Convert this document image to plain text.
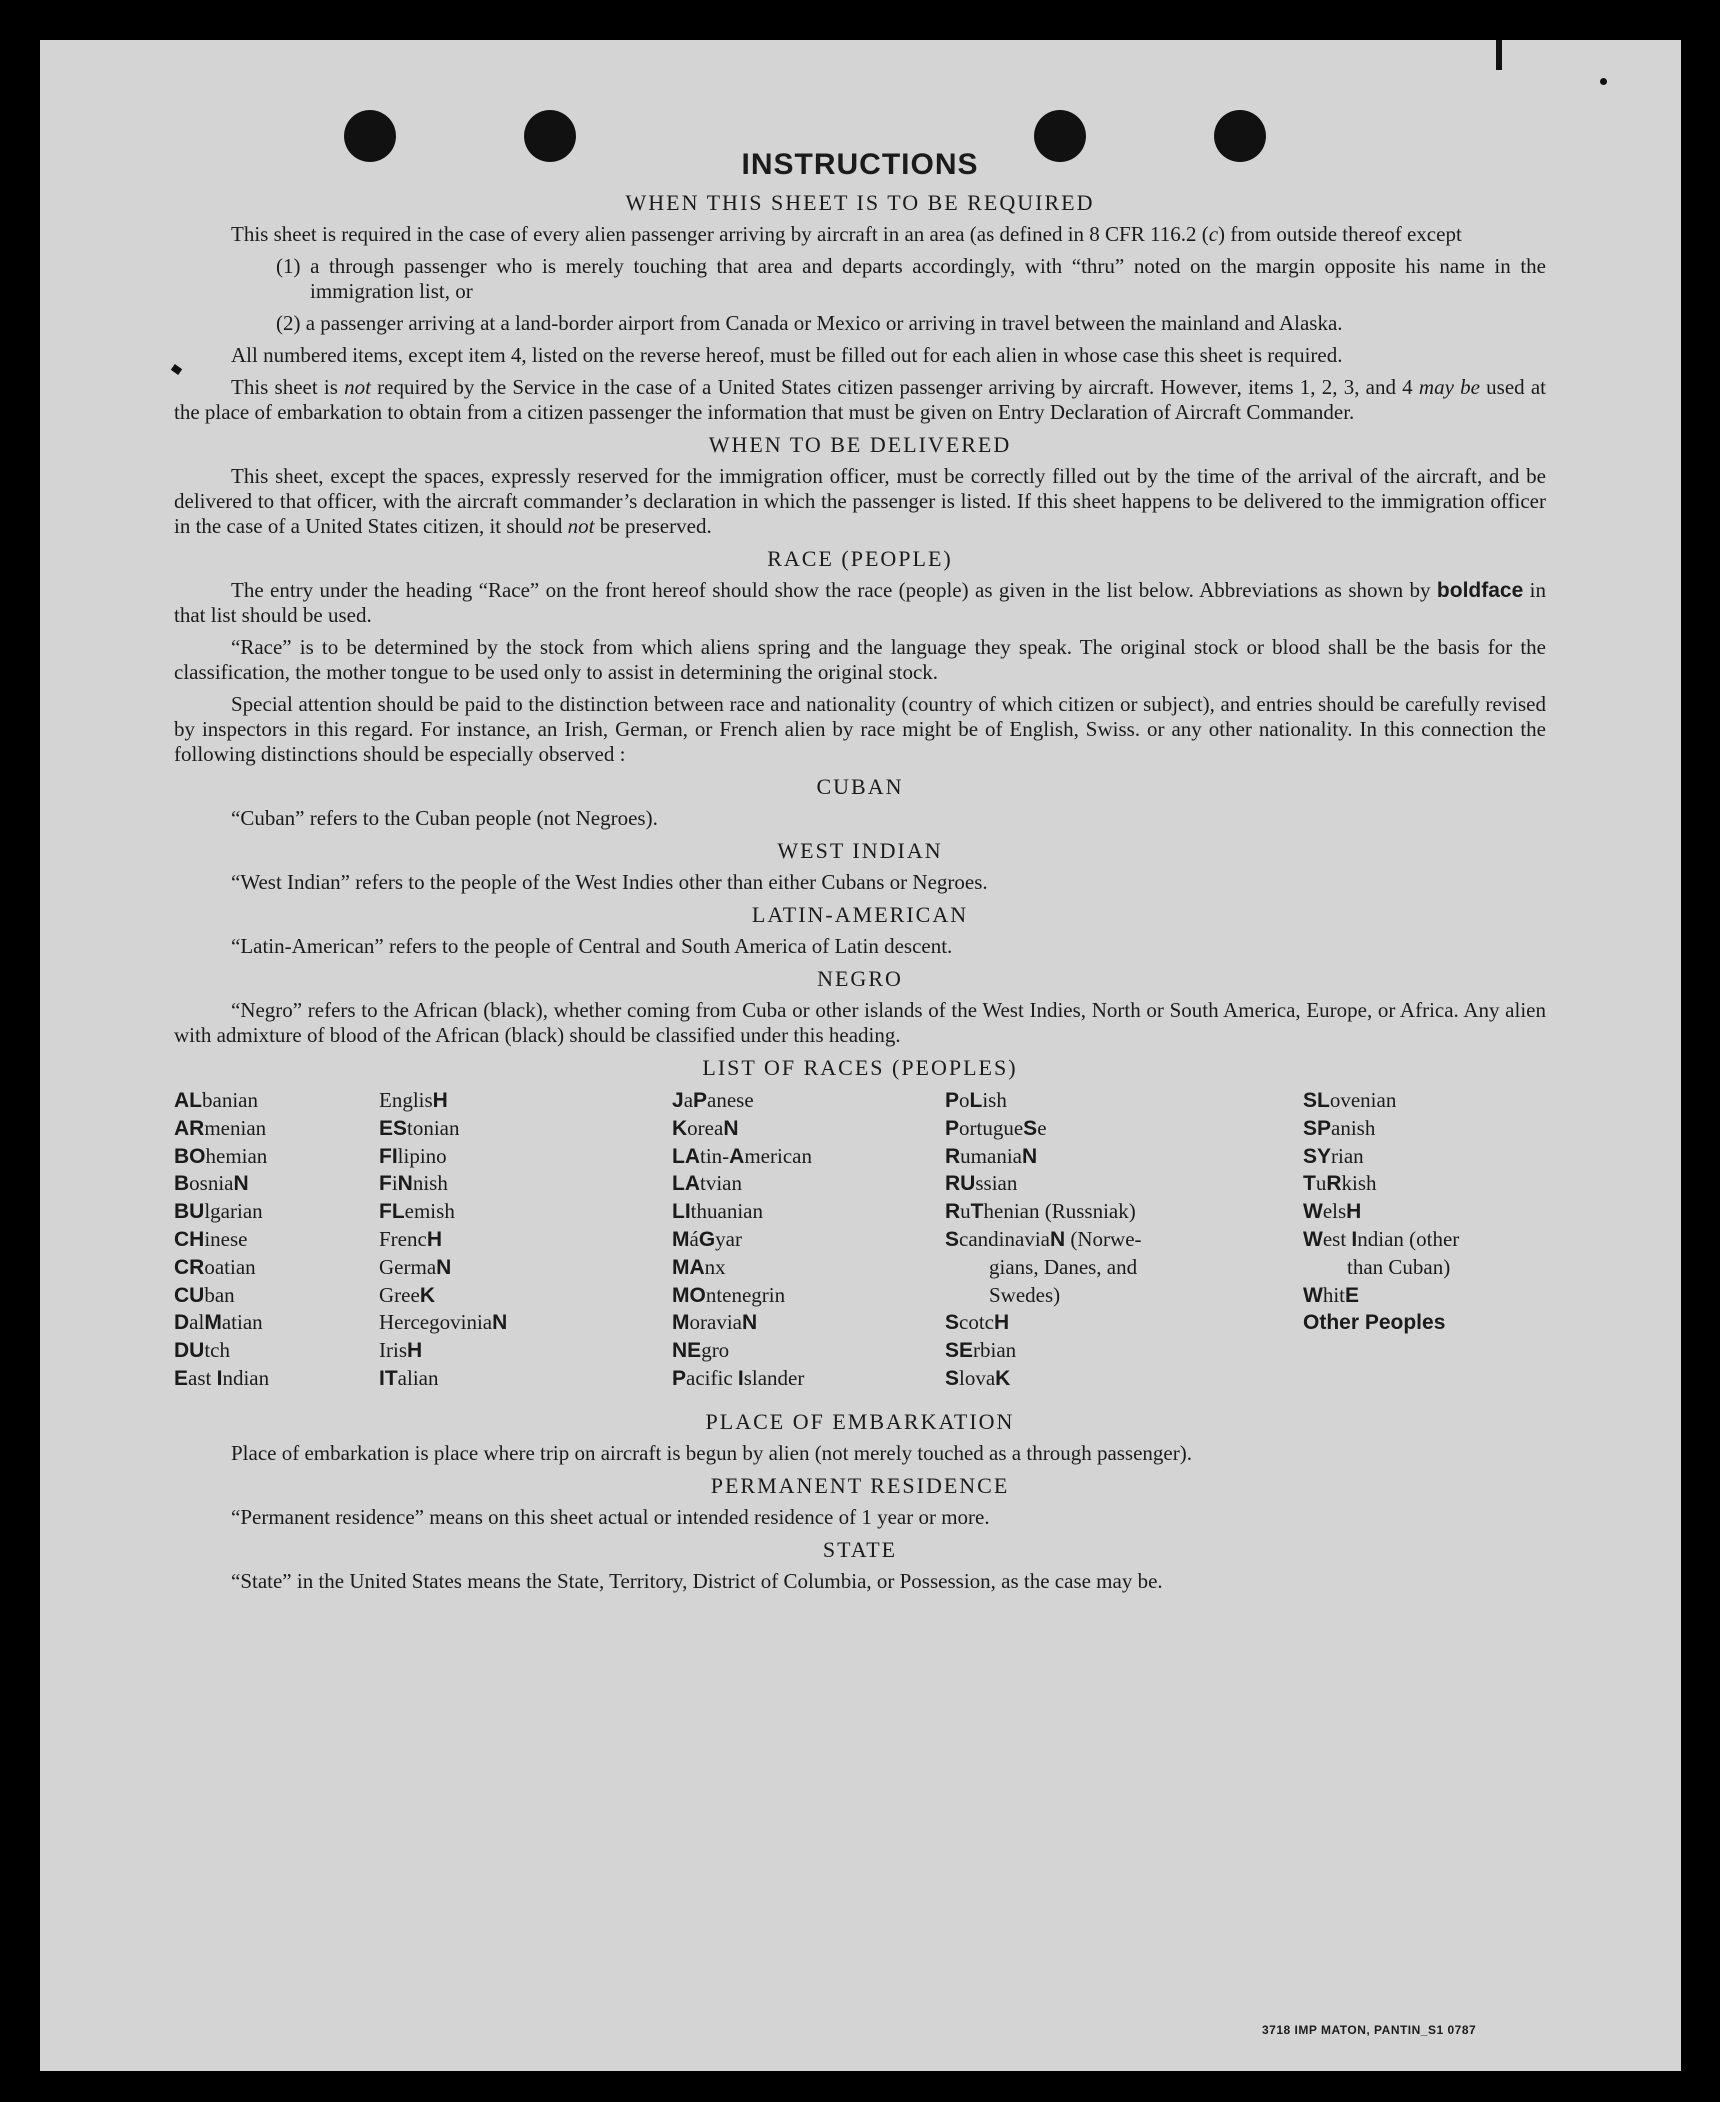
INSTRUCTIONS
WHEN THIS SHEET IS TO BE REQUIRED

This sheet is required in the case of every alien passenger arriving by aircraft in an area (as defined in 8 CFR 116.2 (c) from outside thereof except

(1) a through passenger who is merely touching that area and departs accordingly, with “thru” noted on the margin opposite his name in the immigration list, or

(2) a passenger arriving at a land-border airport from Canada or Mexico or arriving in travel between the mainland and Alaska.

All numbered items, except item 4, listed on the reverse hereof, must be filled out for each alien in whose case this sheet is required.

This sheet is not required by the Service in the case of a United States citizen passenger arriving by aircraft. However, items 1, 2, 3, and 4 may be used at the place of embarkation to obtain from a citizen passenger the information that must be given on Entry Declaration of Aircraft Commander.

WHEN TO BE DELIVERED

This sheet, except the spaces, expressly reserved for the immigration officer, must be correctly filled out by the time of the arrival of the aircraft, and be delivered to that officer, with the aircraft commander’s declaration in which the passenger is listed. If this sheet happens to be delivered to the immigration officer in the case of a United States citizen, it should not be preserved.

RACE (PEOPLE)

The entry under the heading “Race” on the front hereof should show the race (people) as given in the list below. Abbreviations as shown by boldface in that list should be used.

“Race” is to be determined by the stock from which aliens spring and the language they speak. The original stock or blood shall be the basis for the classification, the mother tongue to be used only to assist in determining the original stock.

Special attention should be paid to the distinction between race and nationality (country of which citizen or subject), and entries should be carefully revised by inspectors in this regard. For instance, an Irish, German, or French alien by race might be of English, Swiss. or any other nationality. In this connection the following distinctions should be especially observed :

CUBAN

“Cuban” refers to the Cuban people (not Negroes).

WEST INDIAN

“West Indian” refers to the people of the West Indies other than either Cubans or Negroes.

LATIN-AMERICAN

“Latin-American” refers to the people of Central and South America of Latin descent.

NEGRO

“Negro” refers to the African (black), whether coming from Cuba or other islands of the West Indies, North or South America, Europe, or Africa. Any alien with admixture of blood of the African (black) should be classified under this heading.

LIST OF RACES (PEOPLES)
ALbanian
ARmenian
BOhemian
BosniaN
BUlgarian
CHinese
CRoatian
CUban
DalMatian
DUtch
East Indian
EnglisH
EStonian
FIlipino
FiNnish
FLemish
FrencH
GermaN
GreeK
HercegoviniaN
IrisH
ITalian
JaPanese
KoreaN
LAtin-American
LAtvian
LIthuanian
MáGyar
MAnx
MOntenegrin
MoraviaN
NEgro
Pacific Islander
PoLish
PortugueSe
RumaniaN
RUssian
RuThenian (Russniak)
ScandinaviaN (Norwe-
gians, Danes, and
Swedes)
ScotcH
SErbian
SlovaK
SLovenian
SPanish
SYrian
TuRkish
WelsH
West Indian (other
than Cuban)
WhitE
Other Peoples
PLACE OF EMBARKATION

Place of embarkation is place where trip on aircraft is begun by alien (not merely touched as a through passenger).

PERMANENT RESIDENCE

“Permanent residence” means on this sheet actual or intended residence of 1 year or more.

STATE

“State” in the United States means the State, Territory, District of Columbia, or Possession, as the case may be.

3718 IMP MATON, PANTIN_S1 0787
